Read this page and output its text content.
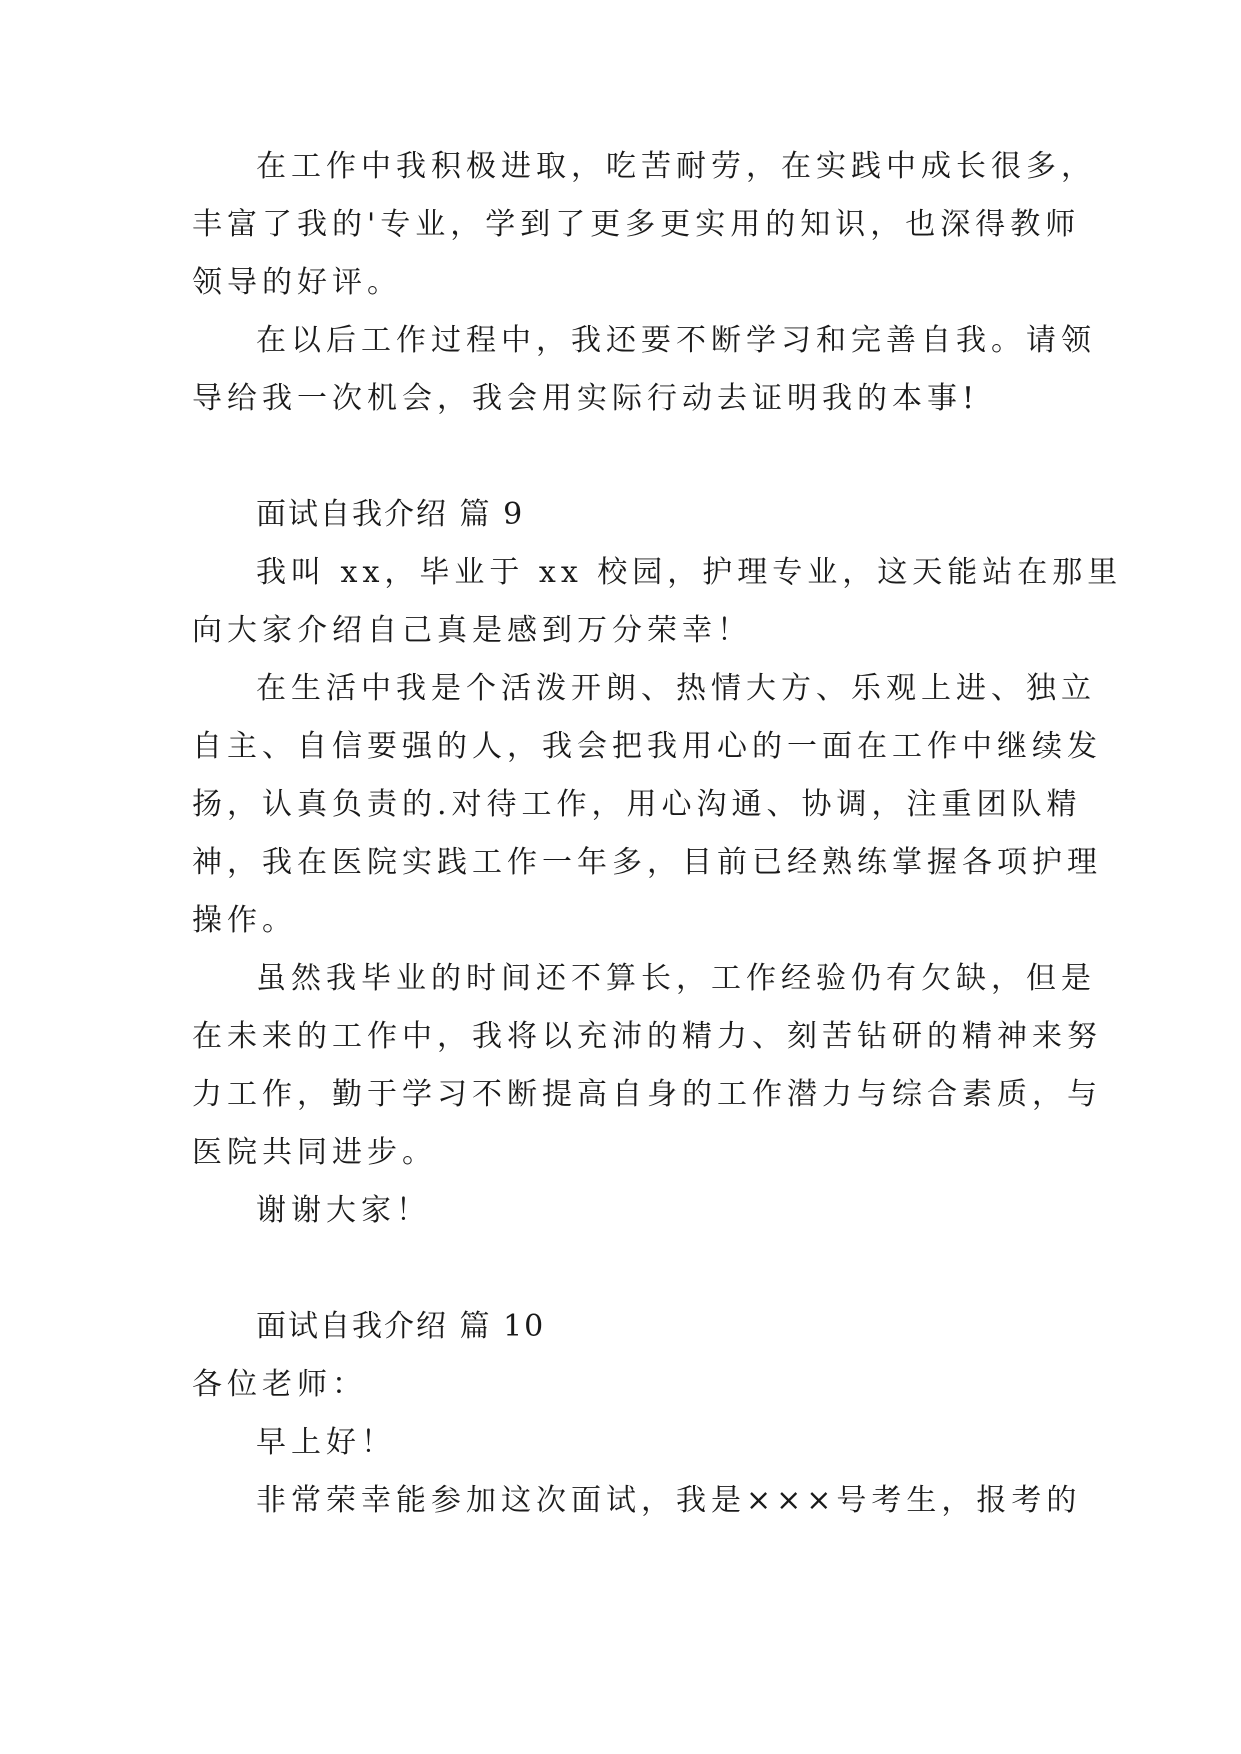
在工作中我积极进取，吃苦耐劳，在实践中成长很多，
丰富了我的'专业，学到了更多更实用的知识，也深得教师
领导的好评。
在以后工作过程中，我还要不断学习和完善自我。请领
导给我一次机会，我会用实际行动去证明我的本事!
面试自我介绍 篇 9
我叫 xx，毕业于 xx 校园，护理专业，这天能站在那里
向大家介绍自己真是感到万分荣幸！
在生活中我是个活泼开朗、热情大方、乐观上进、独立
自主、自信要强的人，我会把我用心的一面在工作中继续发
扬，认真负责的.对待工作，用心沟通、协调，注重团队精
神，我在医院实践工作一年多，目前已经熟练掌握各项护理
操作。
虽然我毕业的时间还不算长，工作经验仍有欠缺，但是
在未来的工作中，我将以充沛的精力、刻苦钻研的精神来努
力工作，勤于学习不断提高自身的工作潜力与综合素质，与
医院共同进步。
谢谢大家！
面试自我介绍 篇 10
各位老师：
早上好！
非常荣幸能参加这次面试，我是×××号考生，报考的
